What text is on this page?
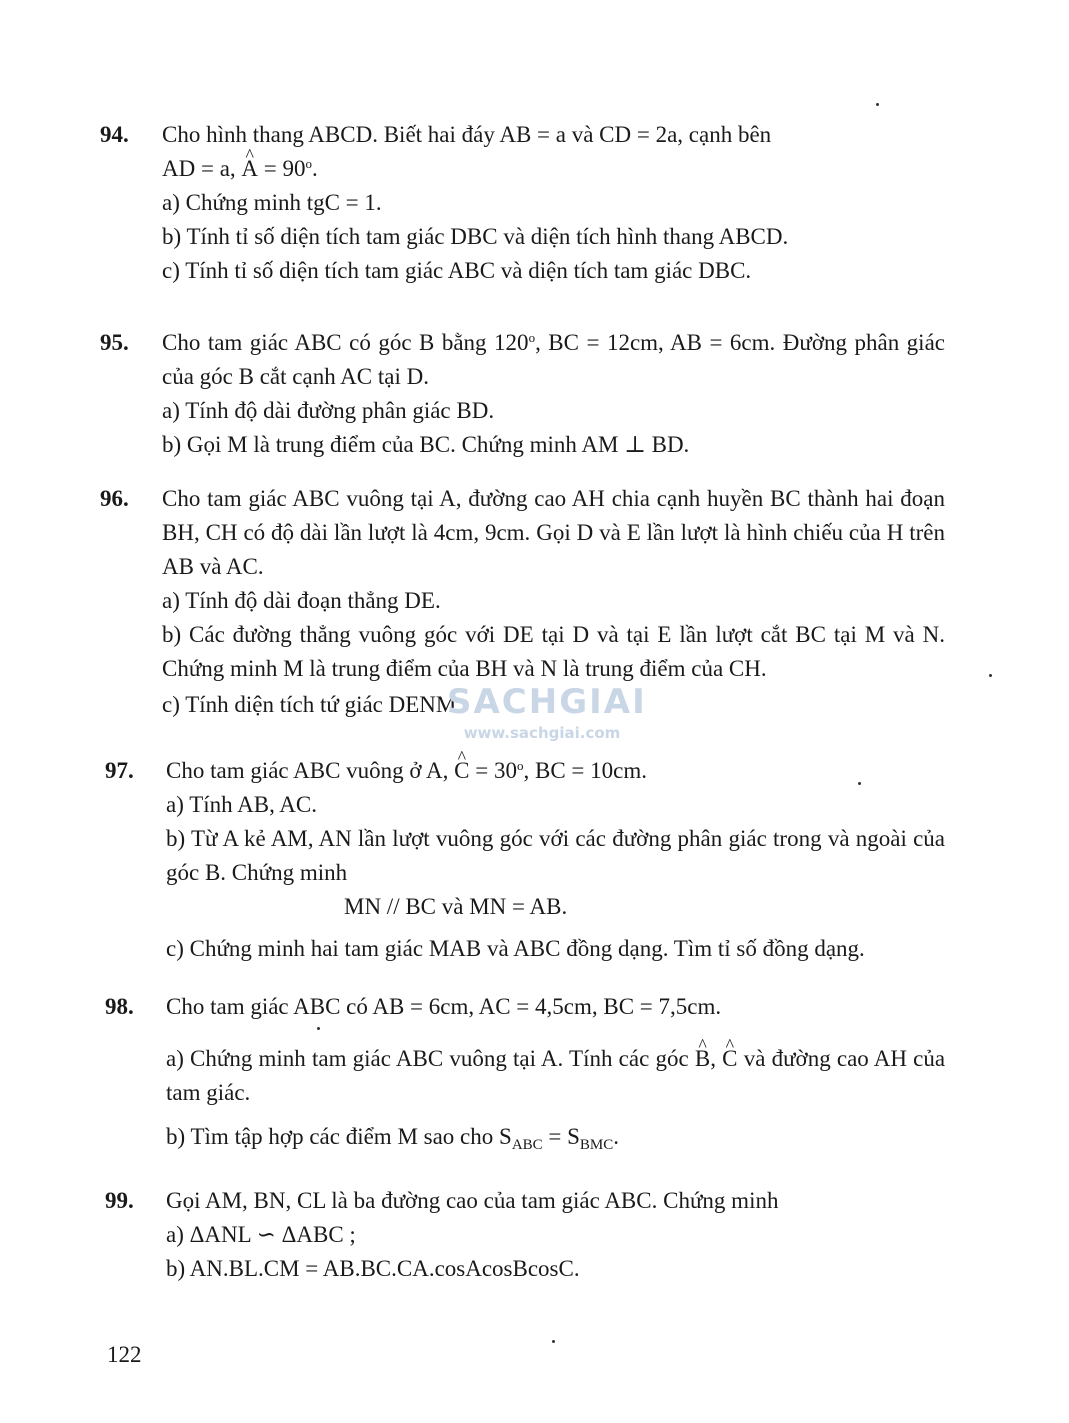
94. Cho hình thang ABCD. Biết hai đáy AB = a và CD = 2a, cạnh bên

AD = a, ^ $A = 90^o$.

a) Chứng minh tgC = 1.

b) Tính tỉ số diện tích tam giác DBC và diện tích hình thang ABCD.

c) Tính tỉ số diện tích tam giác ABC và diện tích tam giác DBC.

95. Cho tam giác ABC có góc B bằng 120$^o$, BC = 12cm, AB = 6cm. Đường phân giác của góc B cắt cạnh AC tại D.

a) Tính độ dài đường phân giác BD.

b) Gọi M là trung điểm của BC. Chứng minh AM ⊥ BD.

96. Cho tam giác ABC vuông tại A, đường cao AH chia cạnh huyền BC thành hai đoạn BH, CH có độ dài lần lượt là 4cm, 9cm. Gọi D và E lần lượt là hình chiếu của H trên AB và AC.

a) Tính độ dài đoạn thẳng DE.

b) Các đường thẳng vuông góc với DE tại D và tại E lần lượt cắt BC tại M và N. Chứng minh M là trung điểm của BH và N là trung điểm của CH.

c) Tính diện tích tứ giác DENM.

97. Cho tam giác ABC vuông ở A, ^ $C = 30^o$, BC = 10cm.

a) Tính AB, AC.

b) Từ A kẻ AM, AN lần lượt vuông góc với các đường phân giác trong và ngoài của góc B. Chứng minh

MN // BC và MN = AB.

c) Chứng minh hai tam giác MAB và ABC đồng dạng. Tìm tỉ số đồng dạng.

98. Cho tam giác ABC có AB = 6cm, AC = 4,5cm, BC = 7,5cm.

a) Chứng minh tam giác ABC vuông tại A. Tính các góc ^ B, ^ C và đường cao AH của tam giác.

b) Tìm tập hợp các điểm M sao cho $S_{ABC} = S_{BMC}$.

99. Gọi AM, BN, CL là ba đường cao của tam giác ABC. Chứng minh

a) ΔANL ∽ ΔABC ;

b) AN.BL.CM = AB.BC.CA.cosAcosBcosC.

SACHGIAI
www.sachgiai.com
122
